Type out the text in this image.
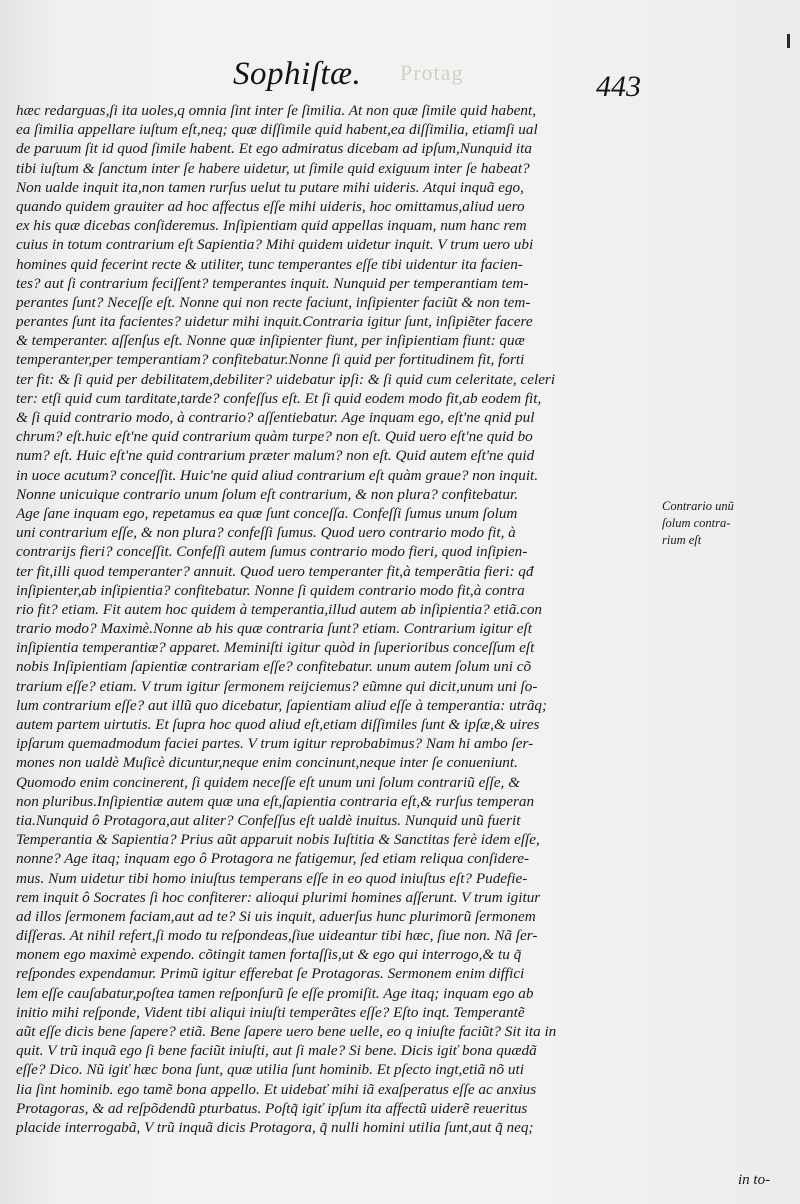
Protag
Sophiſtæ.	443
hæc redarguas,ſi ita uoles,q omnia ſint inter ſe ſimilia. At non quæ ſimile quid habent,
ea ſimilia appellare iuſtum eſt,neq; quæ diſſimile quid habent,ea diſſimilia, etiamſi ual
de paruum ſit id quod ſimile habent. Et ego admiratus dicebam ad ipſum,Nunquid ita
tibi iuſtum & ſanctum inter ſe habere uidetur, ut ſimile quid exiguum inter ſe habeat?
Non ualde inquit ita,non tamen rurſus uelut tu putare mihi uideris. Atqui inquã ego,
quando quidem grauiter ad hoc affectus eſſe mihi uideris, hoc omittamus,aliud uero
ex his quæ dicebas conſideremus. Inſipientiam quid appellas inquam, num hanc rem
cuius in totum contrarium eſt Sapientia? Mihi quidem uidetur inquit. V trum uero ubi
homines quid fecerint recte & utiliter, tunc temperantes eſſe tibi uidentur ita facien-
tes? aut ſi contrarium feciſſent? temperantes inquit. Nunquid per temperantiam tem-
perantes ſunt? Neceſſe eſt. Nonne qui non recte faciunt, inſipienter faciũt & non tem-
perantes ſunt ita facientes? uidetur mihi inquit.Contraria igitur ſunt, inſipiẽter facere
& temperanter. aſſenſus eſt. Nonne quæ inſipienter fiunt, per inſipientiam fiunt: quæ
temperanter,per temperantiam? confitebatur.Nonne ſi quid per fortitudinem fit, forti
ter fit: & ſi quid per debilitatem,debiliter? uidebatur ipſi: & ſi quid cum celeritate, celeri
ter: etſi quid cum tarditate,tarde? confeſſus eſt. Et ſi quid eodem modo fit,ab eodem fit,
& ſi quid contrario modo, à contrario? aſſentiebatur. Age inquam ego, eſt'ne qnid pul
chrum? eſt.huic eſt'ne quid contrarium quàm turpe? non eſt. Quid uero eſt'ne quid bo
num? eſt. Huic eſt'ne quid contrarium præter malum? non eſt. Quid autem eſt'ne quid
in uoce acutum? conceſſit. Huic'ne quid aliud contrarium eſt quàm graue? non inquit.
Nonne unicuique contrario unum ſolum eſt contrarium, & non plura? confitebatur.
Age ſane inquam ego, repetamus ea quæ ſunt conceſſa. Confeſſi ſumus unum ſolum
uni contrarium eſſe, & non plura? confeſſi ſumus. Quod uero contrario modo fit, à
contrarijs fieri? conceſſit. Confeſſi autem ſumus contrario modo fieri, quod inſipien-
ter fit,illi quod temperanter? annuit. Quod uero temperanter fit,à temperãtia fieri: qđ
inſipienter,ab inſipientia? confitebatur. Nonne ſi quidem contrario modo fit,à contra
rio fit? etiam. Fit autem hoc quidem à temperantia,illud autem ab inſipientia? etiã.con
trario modo? Maximè.Nonne ab his quæ contraria ſunt? etiam. Contrarium igitur eſt
inſipientia temperantiæ? apparet. Meminiſti igitur quòd in ſuperioribus conceſſum eſt
nobis Inſipientiam ſapientiæ contrariam eſſe? confitebatur. unum autem ſolum uni cõ
trarium eſſe? etiam. V trum igitur ſermonem reijciemus? eũmne qui dicit,unum uni ſo-
lum contrarium eſſe? aut illũ quo dicebatur, ſapientiam aliud eſſe à temperantia: utrãq;
autem partem uirtutis. Et ſupra hoc quod aliud eſt,etiam diſſimiles ſunt & ipſæ,& uires
ipſarum quemadmodum faciei partes. V trum igitur reprobabimus? Nam hi ambo ſer-
mones non ualdè Muſicè dicuntur,neque enim concinunt,neque inter ſe conueniunt.
Quomodo enim concinerent, ſi quidem neceſſe eſt unum uni ſolum contrariũ eſſe, &
non pluribus.Inſipientiæ autem quæ una eſt,ſapientia contraria eſt,& rurſus temperan
tia.Nunquid ô Protagora,aut aliter? Confeſſus eſt ualdè inuitus. Nunquid unũ fuerit
Temperantia & Sapientia? Prius aũt apparuit nobis Iuſtitia & Sanctitas ferè idem eſſe,
nonne? Age itaq; inquam ego ô Protagora ne fatigemur, ſed etiam reliqua conſidere-
mus. Num uidetur tibi homo iniuſtus temperans eſſe in eo quod iniuſtus eſt? Pudefie-
rem inquit ô Socrates ſi hoc confiterer: alioqui plurimi homines aſſerunt. V trum igitur
ad illos ſermonem faciam,aut ad te? Si uis inquit, aduerſus hunc plurimorũ ſermonem
diſſeras. At nihil refert,ſi modo tu reſpondeas,ſiue uideantur tibi hæc, ſiue non. Nã ſer-
monem ego maximè expendo. cõtingit tamen fortaſſis,ut & ego qui interrogo,& tu q̃
reſpondes expendamur. Primũ igitur efferebat ſe Protagoras. Sermonem enim diffici
lem eſſe cauſabatur,poſtea tamen reſponſurũ ſe eſſe promiſit. Age itaq; inquam ego ab
initio mihi reſponde, Vident tibi aliqui iniuſti temperãtes eſſe? Eſto inqt. Temperantẽ
aũt eſſe dicis bene ſapere? etiã. Bene ſapere uero bene uelle, eo q iniuſte faciũt? Sit ita in
quit. V trũ inquã ego ſi bene faciũt iniuſti, aut ſi male? Si bene. Dicis igiť bona quædã
eſſe? Dico. Nũ igiť hæc bona ſunt, quæ utilia ſunt hominib. Et pſecto ingt,etiã nõ uti
lia ſint hominib. ego tamẽ bona appello. Et uidebať mihi iã exaſperatus eſſe ac anxius
Protagoras, & ad reſpõdendũ pturbatus. Poſtq̃ igiť ipſum ita affectũ uiderẽ reueritus
placide interrogabã, V trũ inquã dicis Protagora, q̃ nulli homini utilia ſunt,aut q̃ neq;
Contrario unũ
ſolum contra-
rium eſt
in to-
